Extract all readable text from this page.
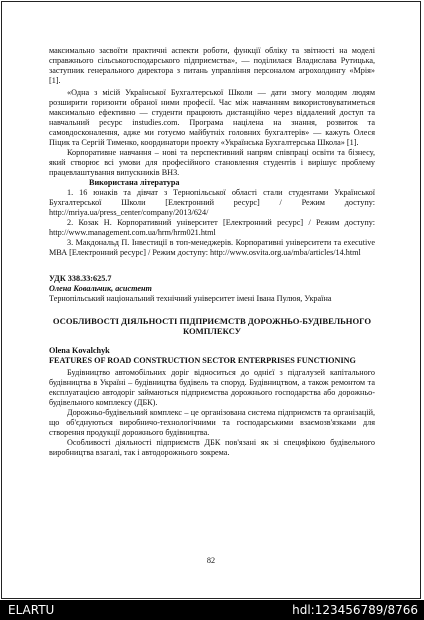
максимально засвоїти практичні аспекти роботи, функції обліку та звітності на моделі справжнього сільськогосподарського підприємства», — поділилася Владислава Рутицька, заступник генерального директора з питань управління персоналом агрохолдингу «Мрія» [1].

«Одна з місій Української Бухгалтерської Школи — дати змогу молодим людям розширити горизонти обраної ними професії. Час між навчанням використовуватиметься максимально ефективно — студенти працюють дистанційно через віддалений доступ та навчальний ресурс instudies.com. Програма націлена на знання, розвиток та самовдосконалення, адже ми готуємо майбутніх головних бухгалтерів» — кажуть Олеся Піцик та Сергій Тименко, координатори проекту «Українська Бухгалтерська Школа» [1].

Корпоративне навчання – нові та перспективний напрям співпраці освіти та бізнесу, який створює всі умови для професійного становлення студентів і вирішує проблему працевлаштування випускників ВНЗ.

Використана література

1. 16 юнаків та дівчат з Тернопільської області стали студентами Української Бухгалтерської Школи [Електронний ресурс] / Режим доступу: http://mriya.ua/press_center/company/2013/624/

2. Козак Н. Корпоративний університет [Електронний ресурс] / Режим доступу: http://www.management.com.ua/hrm/hrm021.html

3. Макдональд П. Інвестиції в топ-менеджерів. Корпоративні університети та executive МВА [Електронний ресурс] / Режим доступу: http://www.osvita.org.ua/mba/articles/14.html

УДК 338.33:625.7

Олена Ковальчик, асистент

Тернопільський національний технічний університет імені Івана Пулюя, Україна

ОСОБЛИВОСТІ ДІЯЛЬНОСТІ ПІДПРИЄМСТВ ДОРОЖНЬО-БУДІВЕЛЬНОГО КОМПЛЕКСУ

Olena Kovalchyk

FEATURES OF ROAD CONSTRUCTION SECTOR ENTERPRISES FUNCTIONING

Будівництво автомобільних доріг відноситься до однієї з підгалузей капітального будівництва в Україні – будівництва будівель та споруд. Будівництвом, а також ремонтом та експлуатацією автодоріг займаються підприємства дорожнього господарства або дорожньо-будівельного комплексу (ДБК).

Дорожньо-будівельний комплекс – це організована система підприємств та організацій, що об'єднуються виробничо-технологічними та господарськими взаємозв'язками для створення продукції дорожнього будівництва.

Особливості діяльності підприємств ДБК пов'язані як зі специфікою будівельного виробництва взагалі, так і автодорожнього зокрема.

82
ELARTU	hdl:123456789/8766
